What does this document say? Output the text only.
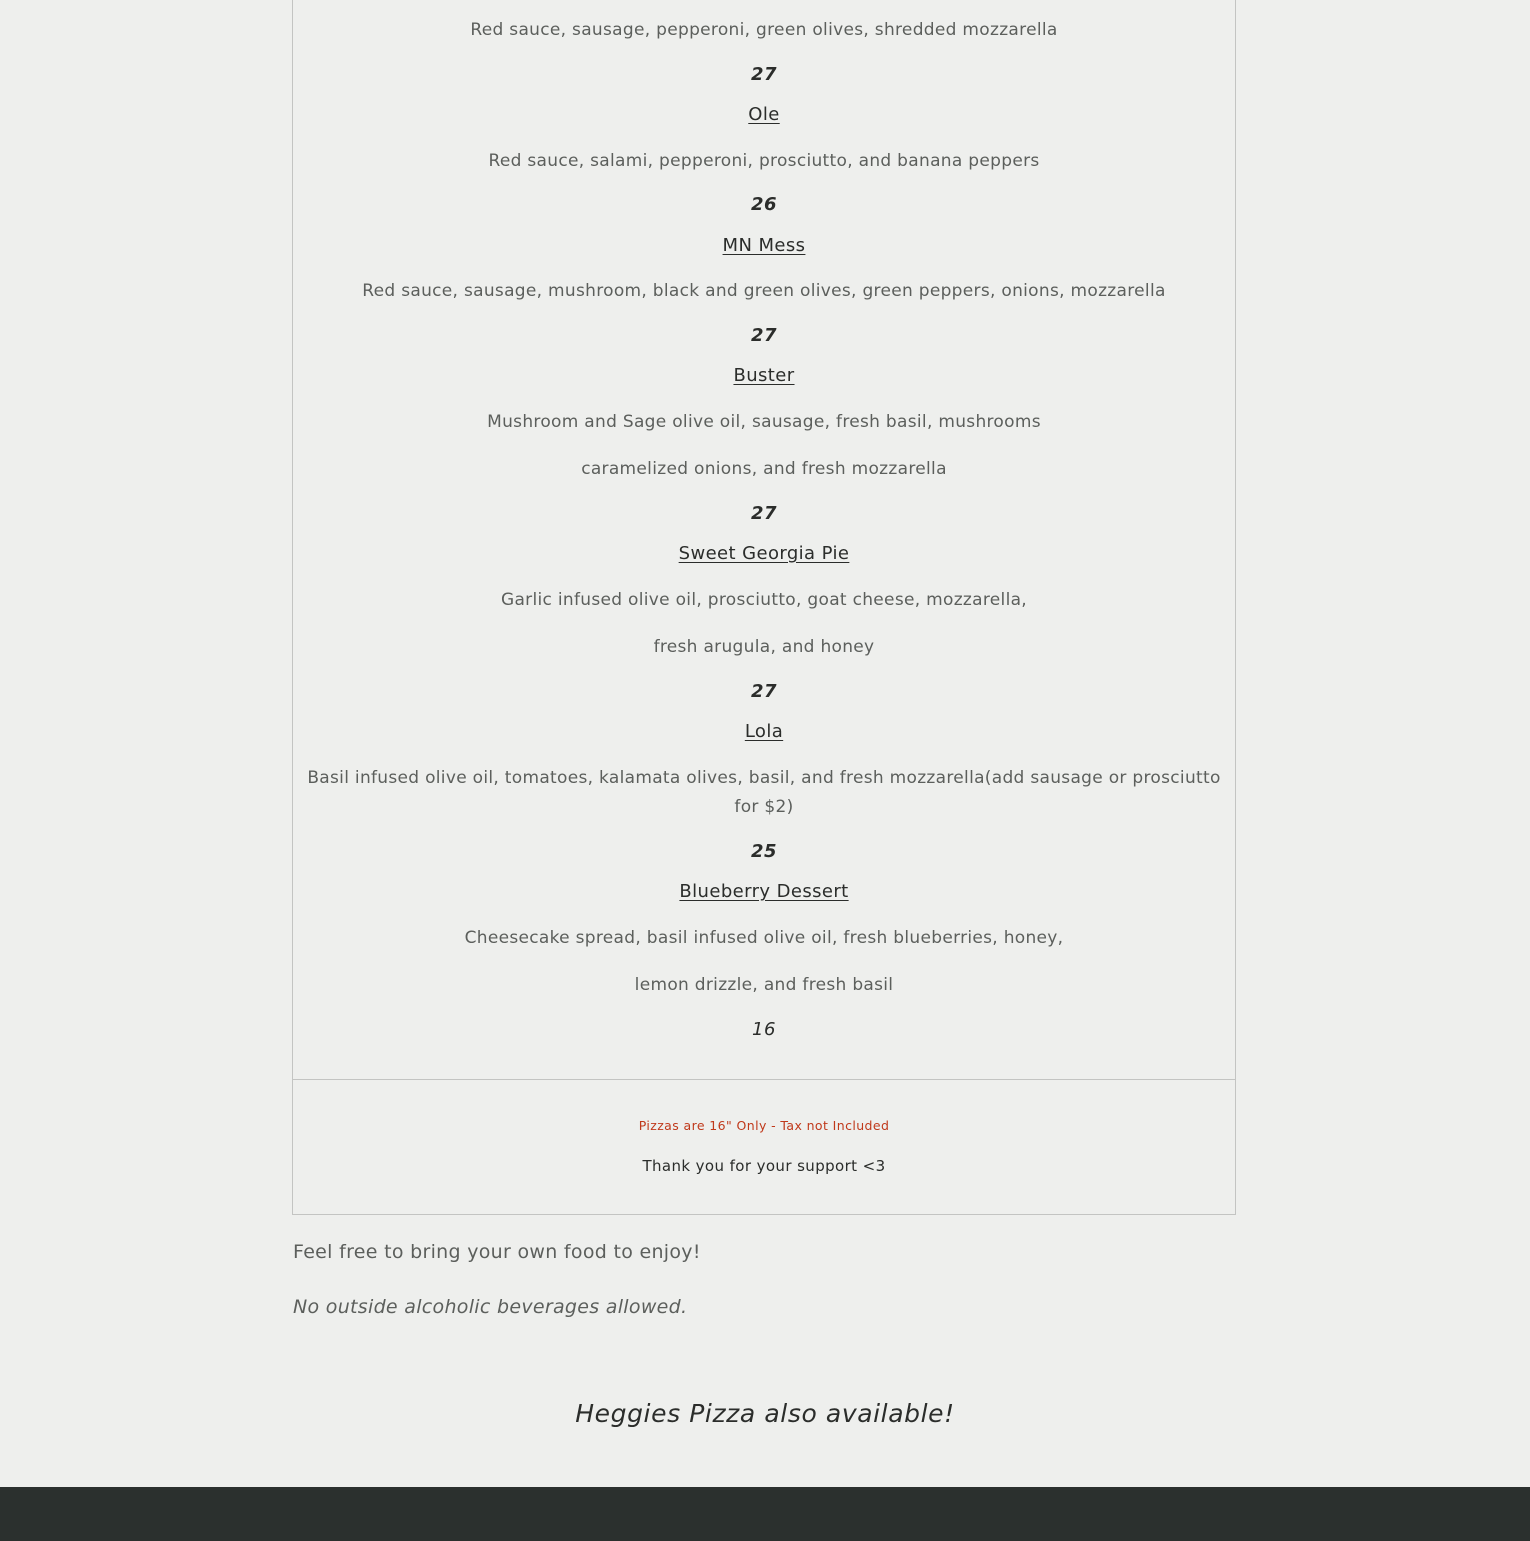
Red sauce, sausage, pepperoni, green olives, shredded mozzarella
27
Ole
Red sauce, salami, pepperoni, prosciutto, and banana peppers
26
MN Mess
Red sauce, sausage, mushroom, black and green olives, green peppers, onions, mozzarella
27
Buster
Mushroom and Sage olive oil, sausage, fresh basil, mushrooms
caramelized onions, and fresh mozzarella
27
Sweet Georgia Pie
Garlic infused olive oil, prosciutto, goat cheese, mozzarella,
fresh arugula, and honey
27
Lola
Basil infused olive oil, tomatoes, kalamata olives, basil, and fresh mozzarella(add sausage or prosciutto for $2)
25
Blueberry Dessert
Cheesecake spread, basil infused olive oil, fresh blueberries, honey,
lemon drizzle, and fresh basil
16
Pizzas are 16" Only - Tax not Included
Thank you for your support <3
Feel free to bring your own food to enjoy!
No outside alcoholic beverages allowed.
Heggies Pizza also available!
